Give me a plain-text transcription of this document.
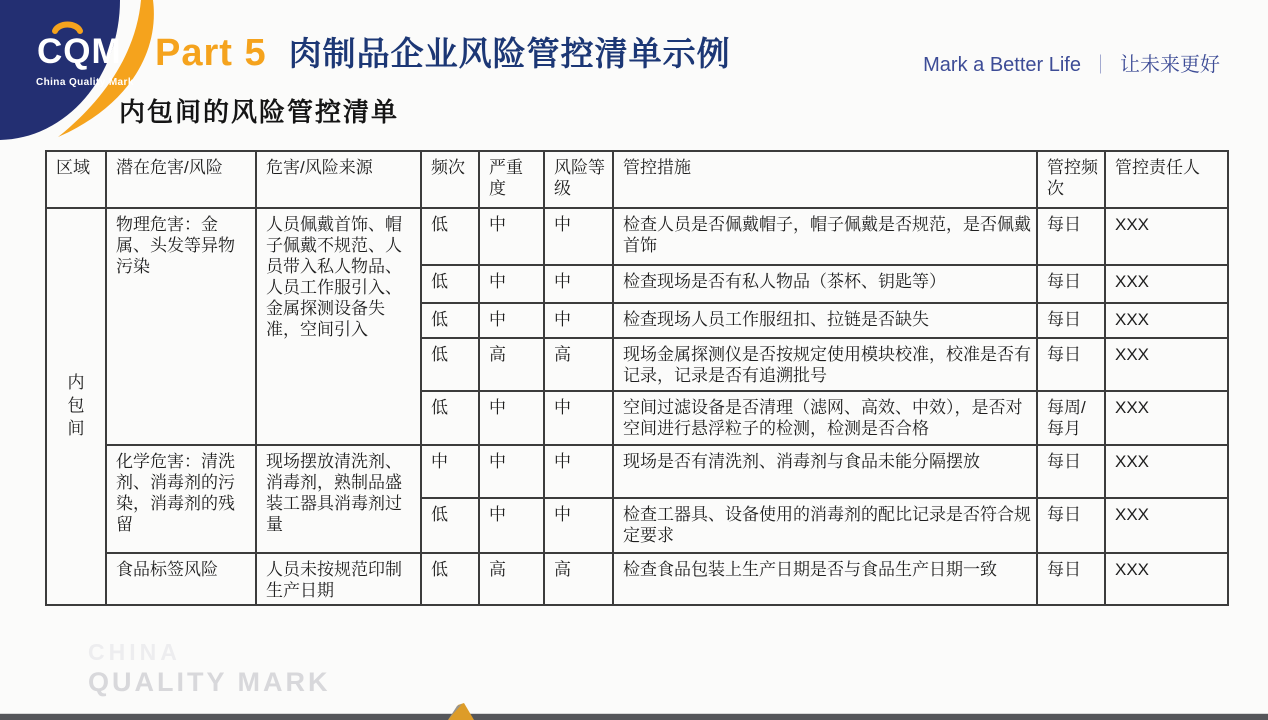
CQM
China Quality Mark
Part 5 肉制品企业风险管控清单示例	Mark a Better Life ｜ 让未来更好
内包间的风险管控清单
区域	潜在危害/风险	危害/风险来源	频次	严重度	风险等级	管控措施	管控频次	管控责任人
内包间	物理危害：金属、头发等异物污染	人员佩戴首饰、帽子佩戴不规范、人员带入私人物品、人员工作服引入、金属探测设备失准，空间引入	低	中	中	检查人员是否佩戴帽子，帽子佩戴是否规范，是否佩戴首饰	每日	XXX
			低	中	中	检查现场是否有私人物品（茶杯、钥匙等）	每日	XXX
			低	中	中	检查现场人员工作服纽扣、拉链是否缺失	每日	XXX
			低	高	高	现场金属探测仪是否按规定使用模块校准，校准是否有记录，记录是否有追溯批号	每日	XXX
			低	中	中	空间过滤设备是否清理（滤网、高效、中效），是否对空间进行悬浮粒子的检测，检测是否合格	每周/每月	XXX
	化学危害：清洗剂、消毒剂的污染，消毒剂的残留	现场摆放清洗剂、消毒剂，熟制品盛装工器具消毒剂过量	中	中	中	现场是否有清洗剂、消毒剂与食品未能分隔摆放	每日	XXX
			低	中	中	检查工器具、设备使用的消毒剂的配比记录是否符合规定要求	每日	XXX
	食品标签风险	人员未按规范印制生产日期	低	高	高	检查食品包装上生产日期是否与食品生产日期一致	每日	XXX
CHINA
QUALITY MARK
